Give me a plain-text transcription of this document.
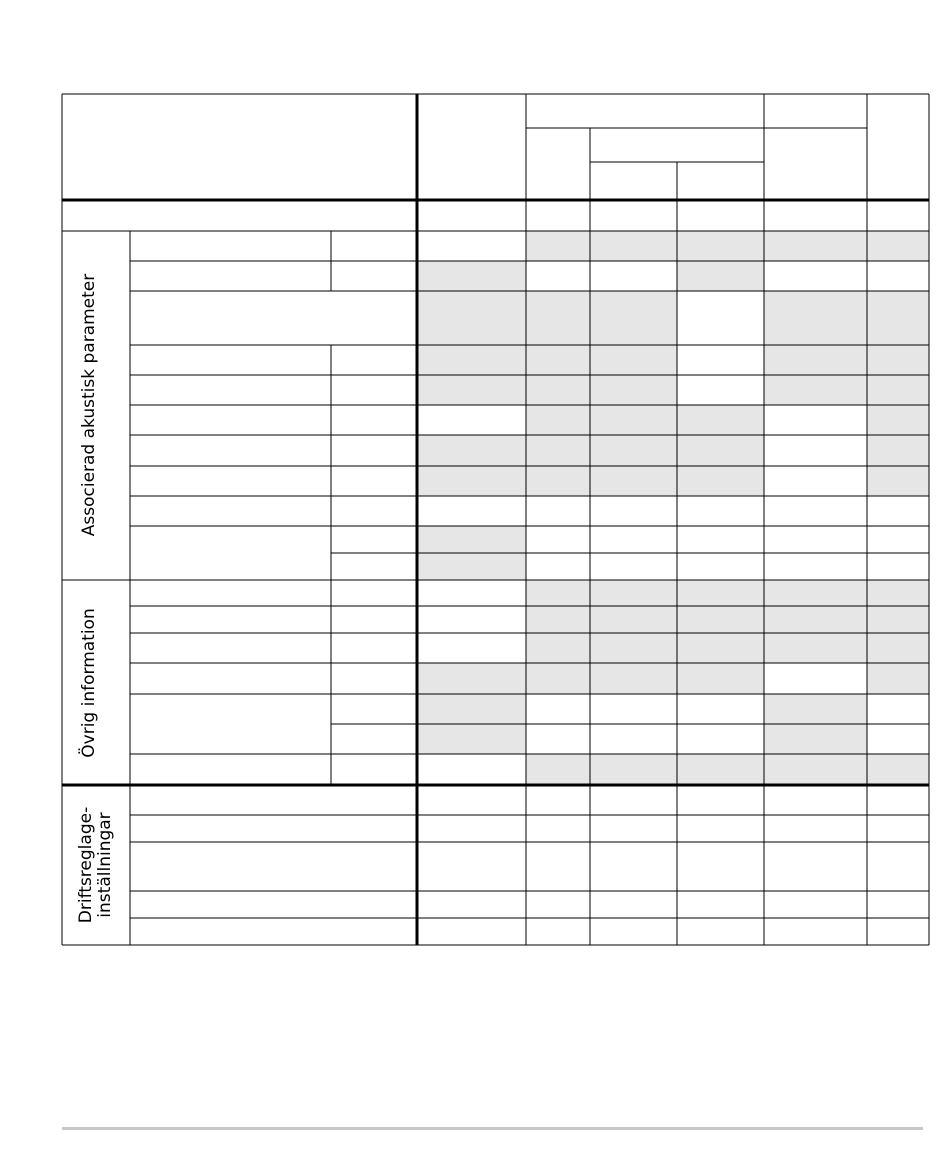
Associerad akustisk parameter
Övrig information
Driftsreglage- inställningar
